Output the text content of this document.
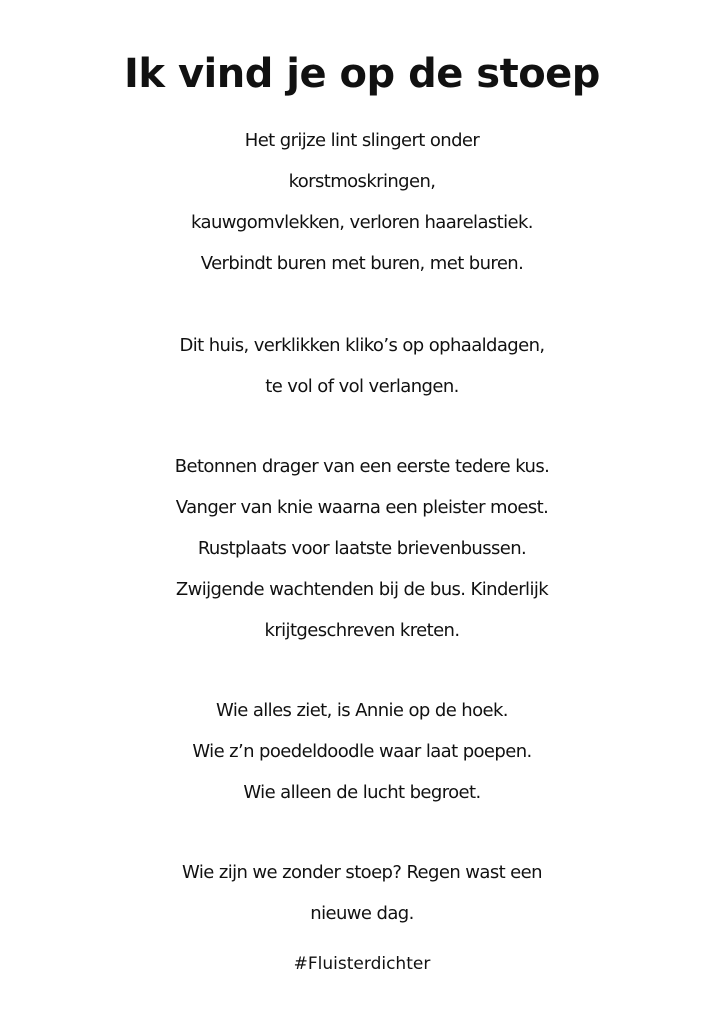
Ik vind je op de stoep
Het grijze lint slingert onder
korstmoskringen,
kauwgomvlekken, verloren haarelastiek.
Verbindt buren met buren, met buren.
Dit huis, verklikken kliko’s op ophaaldagen,
te vol of vol verlangen.
Betonnen drager van een eerste tedere kus.
Vanger van knie waarna een pleister moest.
Rustplaats voor laatste brievenbussen.
Zwijgende wachtenden bij de bus. Kinderlijk
krijtgeschreven kreten.
Wie alles ziet, is Annie op de hoek.
Wie z’n poedeldoodle waar laat poepen.
Wie alleen de lucht begroet.
Wie zijn we zonder stoep? Regen wast een
nieuwe dag.
#Fluisterdichter
